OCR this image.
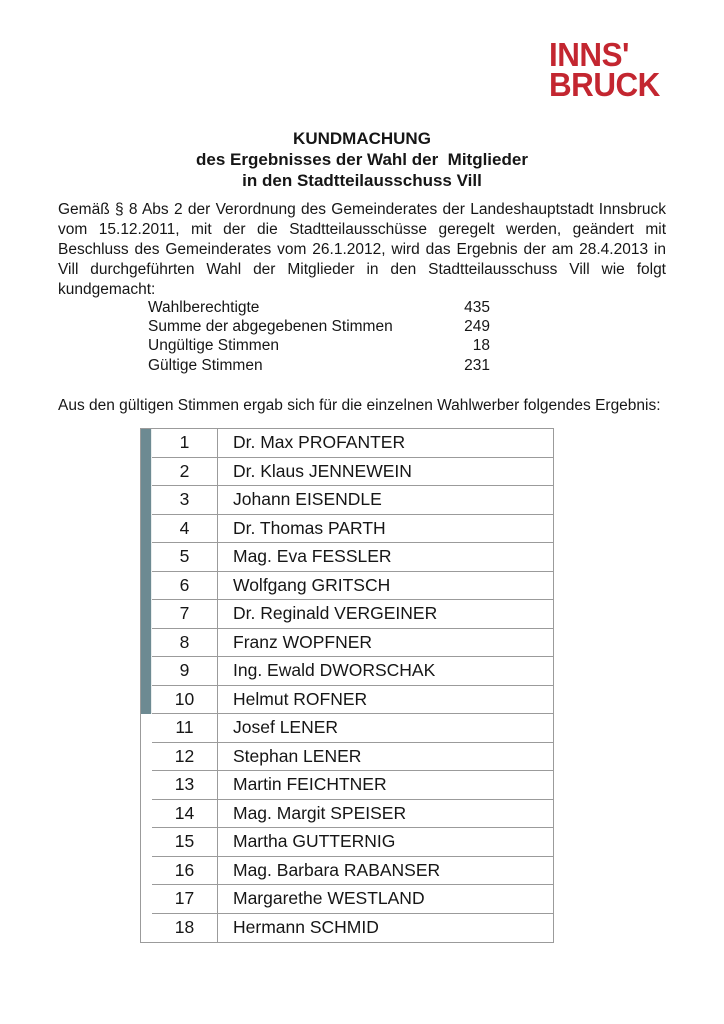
INNS'
BRUCK
KUNDMACHUNG
des Ergebnisses der Wahl der  Mitglieder
in den Stadtteilausschuss Vill

Gemäß § 8 Abs 2 der Verordnung des Gemeinderates der Landeshauptstadt Innsbruck vom 15.12.2011, mit der die Stadtteilausschüsse geregelt werden, geändert mit Beschluss des Gemeinderates vom 26.1.2012, wird das Ergebnis der am 28.4.2013 in Vill durchgeführten Wahl der Mitglieder in den Stadtteilausschuss Vill wie folgt kundgemacht:

Wahlberechtigte	435
Summe der abgegebenen Stimmen	249
Ungültige Stimmen	18
Gültige Stimmen	231

Aus den gültigen Stimmen ergab sich für die einzelnen Wahlwerber folgendes Ergebnis:

1	Dr. Max PROFANTER
2	Dr. Klaus JENNEWEIN
3	Johann EISENDLE
4	Dr. Thomas PARTH
5	Mag. Eva FESSLER
6	Wolfgang GRITSCH
7	Dr. Reginald VERGEINER
8	Franz WOPFNER
9	Ing. Ewald DWORSCHAK
10	Helmut ROFNER
11	Josef LENER
12	Stephan LENER
13	Martin FEICHTNER
14	Mag. Margit SPEISER
15	Martha GUTTERNIG
16	Mag. Barbara RABANSER
17	Margarethe WESTLAND
18	Hermann SCHMID
